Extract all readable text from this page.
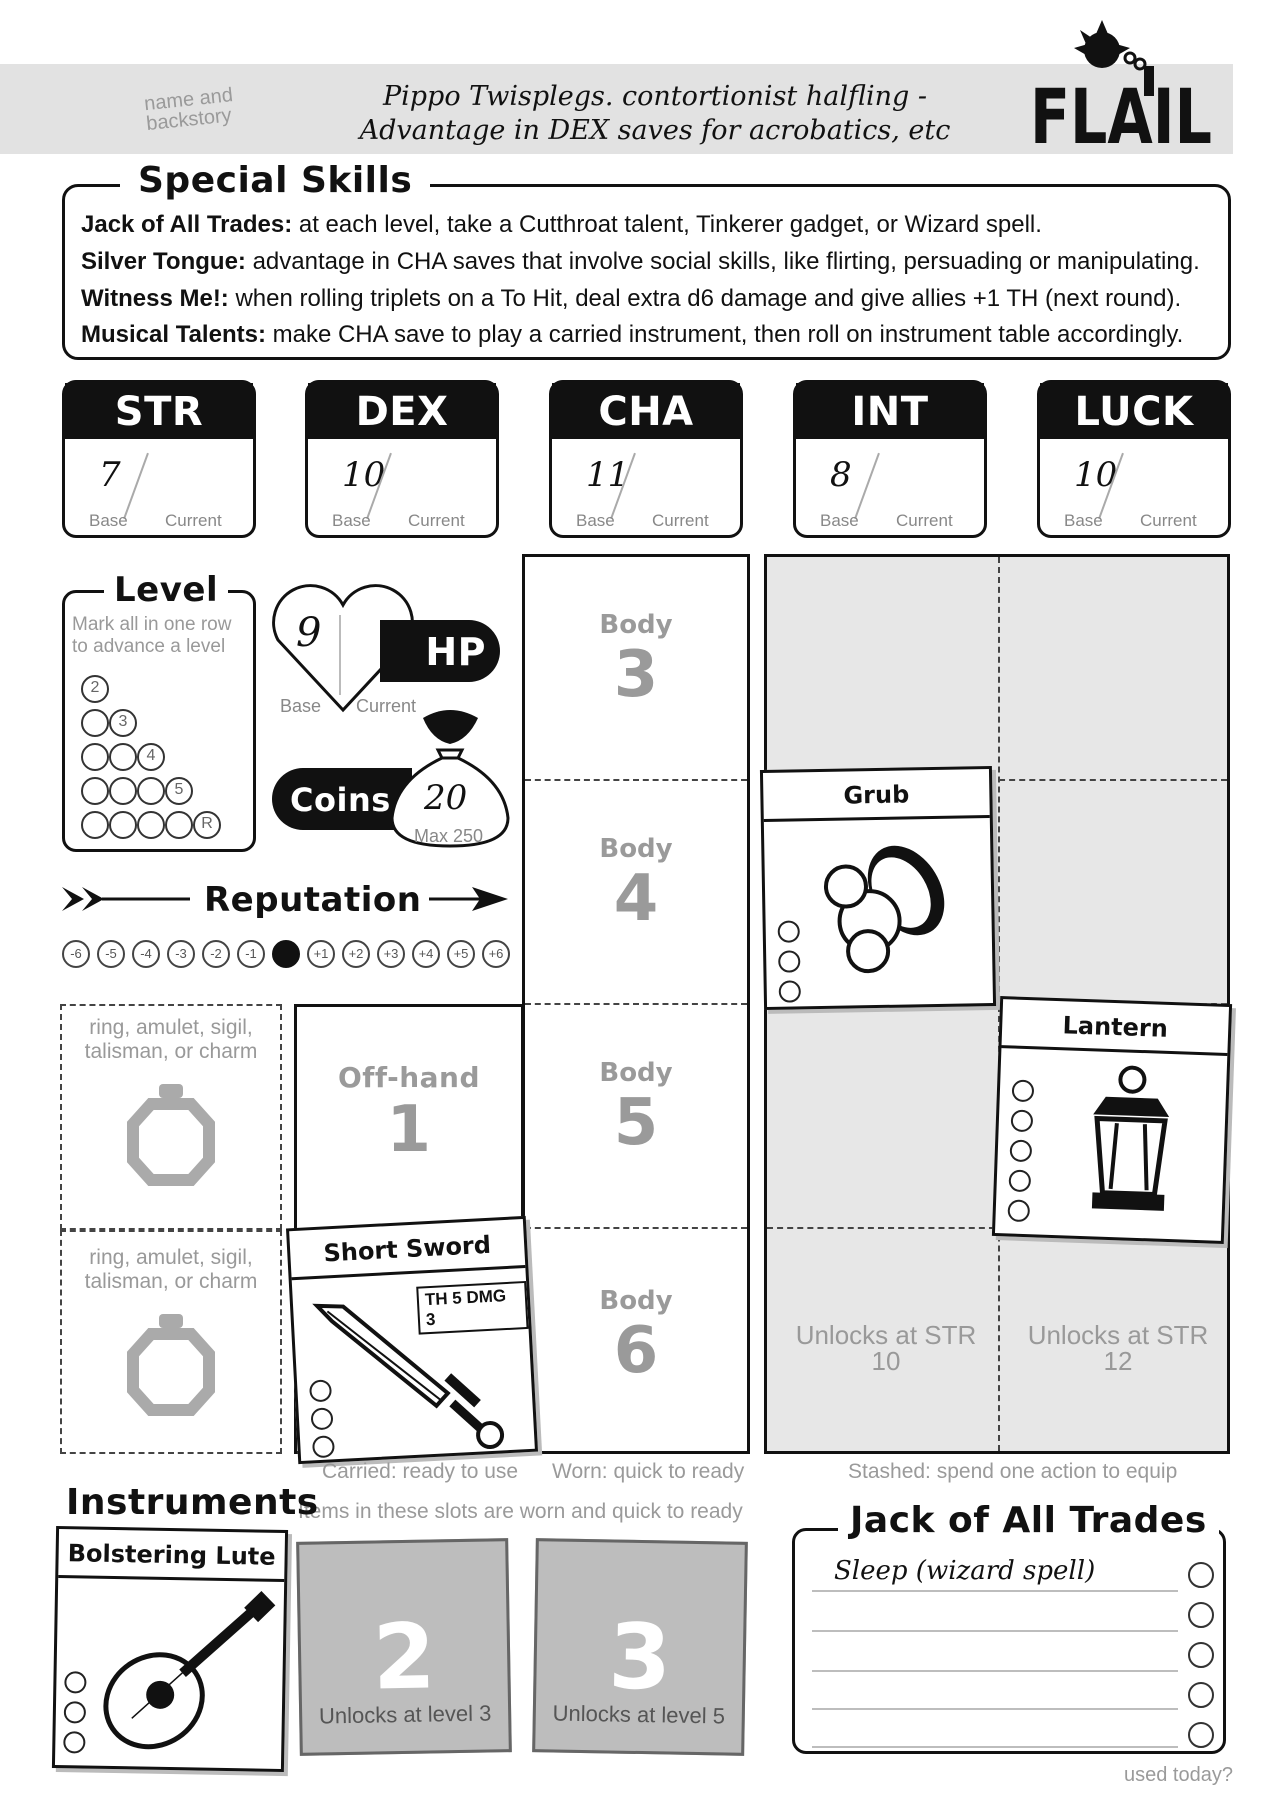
name and backstory
Pippo Twisplegs. contortionist halfling - Advantage in DEX saves for acrobatics, etc FLAIL
Jack of All Trades: at each level, take a Cutthroat talent, Tinkerer gadget, or Wizard spell.
Silver Tongue: advantage in CHA saves that involve social skills, like flirting, persuading or manipulating.
Witness Me!: when rolling triplets on a To Hit, deal extra d6 damage and give allies +1 TH (next round).
Musical Talents: make CHA save to play a carried instrument, then roll on instrument table accordingly.
Special Skills
STR
7
Base Current
DEX
10
Base Current
CHA
11
Base Current
INT
8
Base Current
LUCK
10
Base Current
2
3
4
5
R
Level
Mark all in one row to advance a level	HP
9
Base Current
Coins 20
Max 250
Reputation
-6	-5	-4	-3	-2	-1	+1	+2	+3	+4	+5	+6
Body
3
Body
4
Body
5
Body
6	Unlocks at STR 10
Unlocks at STR 12
ring, amulet, sigil, talisman, or charm
ring, amulet, sigil, talisman, or charm
Off-hand
1
Grub
Lantern
Short Sword
TH 5 DMG 3
Carried: ready to use Worn: quick to ready	Stashed: spend one action to equip
Items in these slots are worn and quick to ready
Instruments
Bolstering Lute
2
Unlocks at level 3
3
Unlocks at level 5
Jack of All Trades
Sleep (wizard spell)
used today?
